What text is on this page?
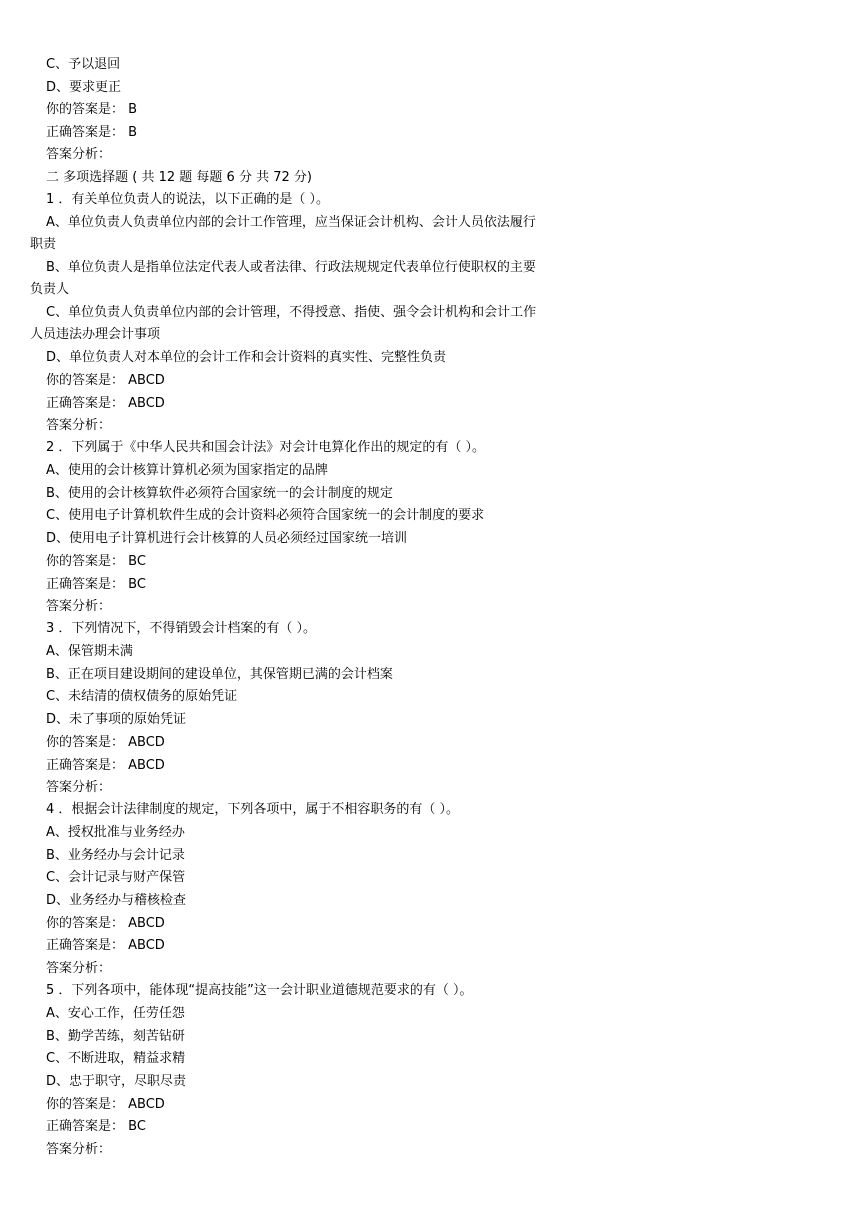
C、予以退回
D、要求更正
你的答案是： B
正确答案是： B
答案分析：
二 多项选择题 ( 共 12 题 每题 6 分 共 72 分)
1 ．有关单位负责人的说法，以下正确的是（ ）。
A、单位负责人负责单位内部的会计工作管理，应当保证会计机构、会计人员依法履行
职责
B、单位负责人是指单位法定代表人或者法律、行政法规规定代表单位行使职权的主要
负责人
C、单位负责人负责单位内部的会计管理，不得授意、指使、强令会计机构和会计工作
人员违法办理会计事项
D、单位负责人对本单位的会计工作和会计资料的真实性、完整性负责
你的答案是： ABCD
正确答案是： ABCD
答案分析：
2 ．下列属于《中华人民共和国会计法》对会计电算化作出的规定的有（ ）。
A、使用的会计核算计算机必须为国家指定的品牌
B、使用的会计核算软件必须符合国家统一的会计制度的规定
C、使用电子计算机软件生成的会计资料必须符合国家统一的会计制度的要求
D、使用电子计算机进行会计核算的人员必须经过国家统一培训
你的答案是： BC
正确答案是： BC
答案分析：
3 ．下列情况下，不得销毁会计档案的有（ ）。
A、保管期未满
B、正在项目建设期间的建设单位，其保管期已满的会计档案
C、未结清的债权债务的原始凭证
D、未了事项的原始凭证
你的答案是： ABCD
正确答案是： ABCD
答案分析：
4 ．根据会计法律制度的规定，下列各项中，属于不相容职务的有（ ）。
A、授权批准与业务经办
B、业务经办与会计记录
C、会计记录与财产保管
D、业务经办与稽核检查
你的答案是： ABCD
正确答案是： ABCD
答案分析：
5 ．下列各项中，能体现“提高技能”这一会计职业道德规范要求的有（ ）。
A、安心工作，任劳任怨
B、勤学苦练，刻苦钻研
C、不断进取，精益求精
D、忠于职守，尽职尽责
你的答案是： ABCD
正确答案是： BC
答案分析：
